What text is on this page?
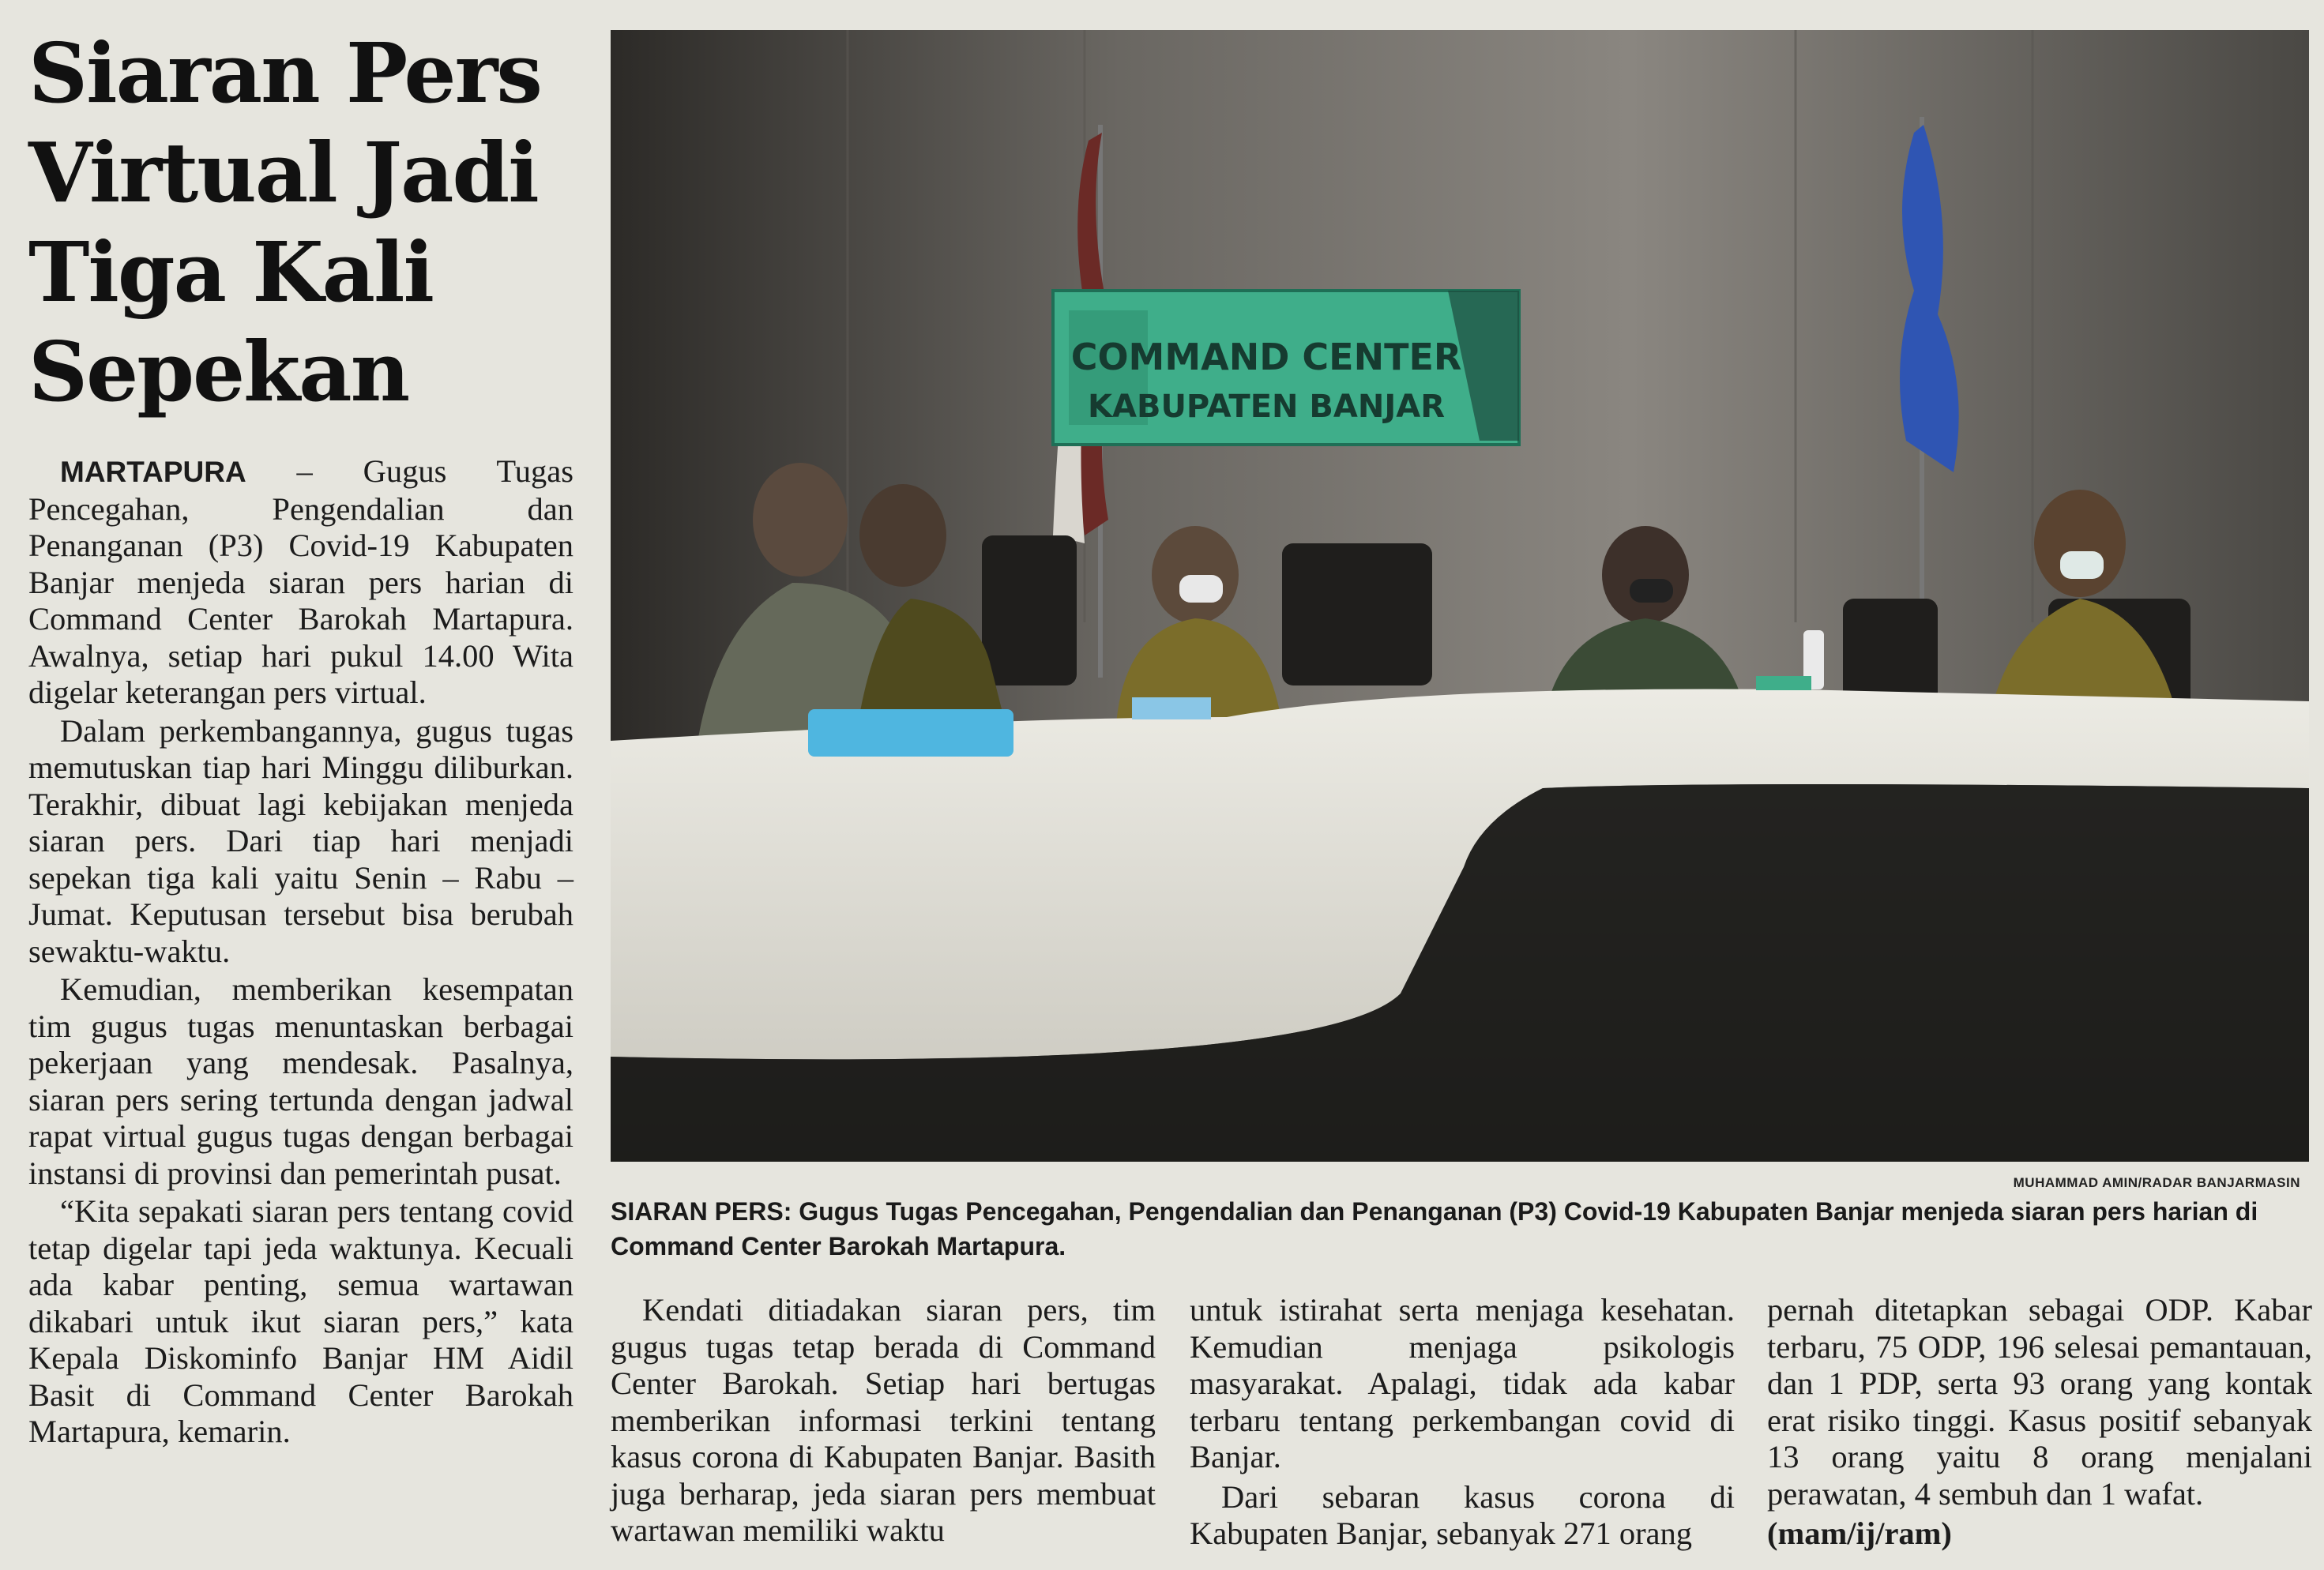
Siaran Pers
Virtual Jadi
Tiga Kali
Sepekan

MARTAPURA – Gugus Tugas Pencegahan, Pengendalian dan Penanganan (P3) Covid-19 Kabupaten Banjar menjeda siaran pers harian di Command Center Barokah Martapura. Awalnya, setiap hari pukul 14.00 Wita digelar keterangan pers virtual.

Dalam perkembangannya, gugus tugas memutuskan tiap hari Minggu diliburkan. Terakhir, dibuat lagi kebijakan menjeda siaran pers. Dari tiap hari menjadi sepekan tiga kali yaitu Senin – Rabu – Jumat. Keputusan tersebut bisa berubah sewaktu-waktu.

Kemudian, memberikan kesempatan tim gugus tugas menuntaskan berbagai pekerjaan yang mendesak. Pasalnya, siaran pers sering tertunda dengan jadwal rapat virtual gugus tugas dengan berbagai instansi di provinsi dan pemerintah pusat.

“Kita sepakati siaran pers tentang covid tetap digelar tapi jeda waktunya. Kecuali ada kabar penting, semua wartawan dikabari untuk ikut siaran pers,” kata Kepala Diskominfo Banjar HM Aidil Basit di Command Center Barokah Martapura, kemarin.

COMMAND CENTER
KABUPATEN BANJAR
MUHAMMAD AMIN/RADAR BANJARMASIN
SIARAN PERS: Gugus Tugas Pencegahan, Pengendalian dan Penanganan (P3) Covid-19 Kabupaten Banjar menjeda siaran pers harian di Command Center Barokah Martapura.

Kendati ditiadakan siaran pers, tim gugus tugas tetap berada di Command Center Barokah. Setiap hari bertugas memberikan informasi terkini tentang kasus corona di Kabupaten Banjar. Basith juga berharap, jeda siaran pers membuat wartawan memiliki waktu

untuk istirahat serta menjaga kesehatan. Kemudian menjaga psikologis masyarakat. Apalagi, tidak ada kabar terbaru tentang perkembangan covid di Banjar.

Dari sebaran kasus corona di Kabupaten Banjar, sebanyak 271 orang

pernah ditetapkan sebagai ODP. Kabar terbaru, 75 ODP, 196 selesai pemantauan, dan 1 PDP, serta 93 orang yang kontak erat risiko tinggi. Kasus positif sebanyak 13 orang yaitu 8 orang menjalani perawatan, 4 sembuh dan 1 wafat.

(mam/ij/ram)
